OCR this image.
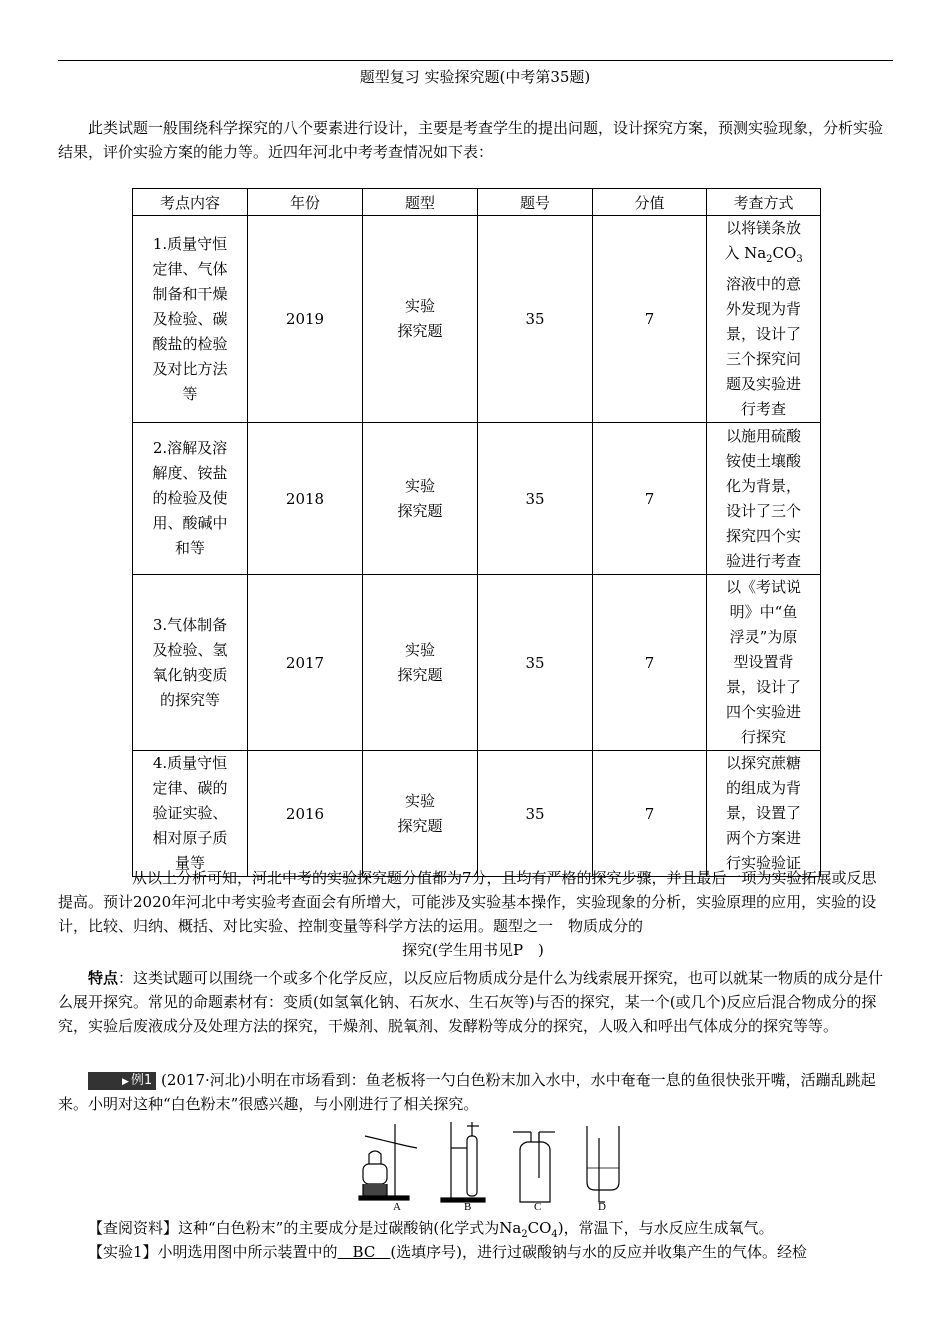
题型复习 实验探究题(中考第35题)
此类试题一般围绕科学探究的八个要素进行设计，主要是考查学生的提出问题，设计探究方案，预测实验现象，分析实验结果，评价实验方案的能力等。近四年河北中考考查情况如下表：
考点内容	年份	题型	题号	分值	考查方式

1.质量守恒定律、气体制备和干燥及检验、碳酸盐的检验及对比方法等	2019	实验
探究题	35	7	以将镁条放入 $Na_2CO_3$ 溶液中的意外发现为背景，设计了三个探究问题及实验进行考查

2.溶解及溶解度、铵盐的检验及使用、酸碱中和等	2018	实验
探究题	35	7	以施用硫酸铵使土壤酸化为背景，设计了三个探究四个实验进行考查

3.气体制备及检验、氢氧化钠变质的探究等	2017	实验
探究题	35	7	以《考试说明》中“鱼浮灵”为原型设置背景，设计了四个实验进行探究

4.质量守恒定律、碳的验证实验、相对原子质量等	2016	实验
探究题	35	7	以探究蔗糖的组成为背景，设置了两个方案进行实验验证
从以上分析可知，河北中考的实验探究题分值都为7分，且均有严格的探究步骤，并且最后一项为实验拓展或反思提高。预计2020年河北中考实验考查面会有所增大，可能涉及实验基本操作，实验现象的分析，实验原理的应用，实验的设计，比较、归纳、概括、对比实验、控制变量等科学方法的运用。题型之一　物质成分的

探究(学生用书见P　)
特点：这类试题可以围绕一个或多个化学反应，以反应后物质成分是什么为线索展开探究，也可以就某一物质的成分是什么展开探究。常见的命题素材有：变质(如氢氧化钠、石灰水、生石灰等)与否的探究，某一个(或几个)反应后混合物成分的探究，实验后废液成分及处理方法的探究，干燥剂、脱氧剂、发酵粉等成分的探究，人吸入和呼出气体成分的探究等等。
▶ 例1 (2017·河北)小明在市场看到：鱼老板将一勺白色粉末加入水中，水中奄奄一息的鱼很快张开嘴，活蹦乱跳起来。小明对这种“白色粉末”很感兴趣，与小刚进行了相关探究。
A	B	C	D
【查阅资料】这种“白色粉末”的主要成分是过碳酸钠(化学式为$Na_2CO_4$)，常温下，与水反应生成氧气。
【实验1】小明选用图中所示装置中的　BC　(选填序号)，进行过碳酸钠与水的反应并收集产生的气体。经检
